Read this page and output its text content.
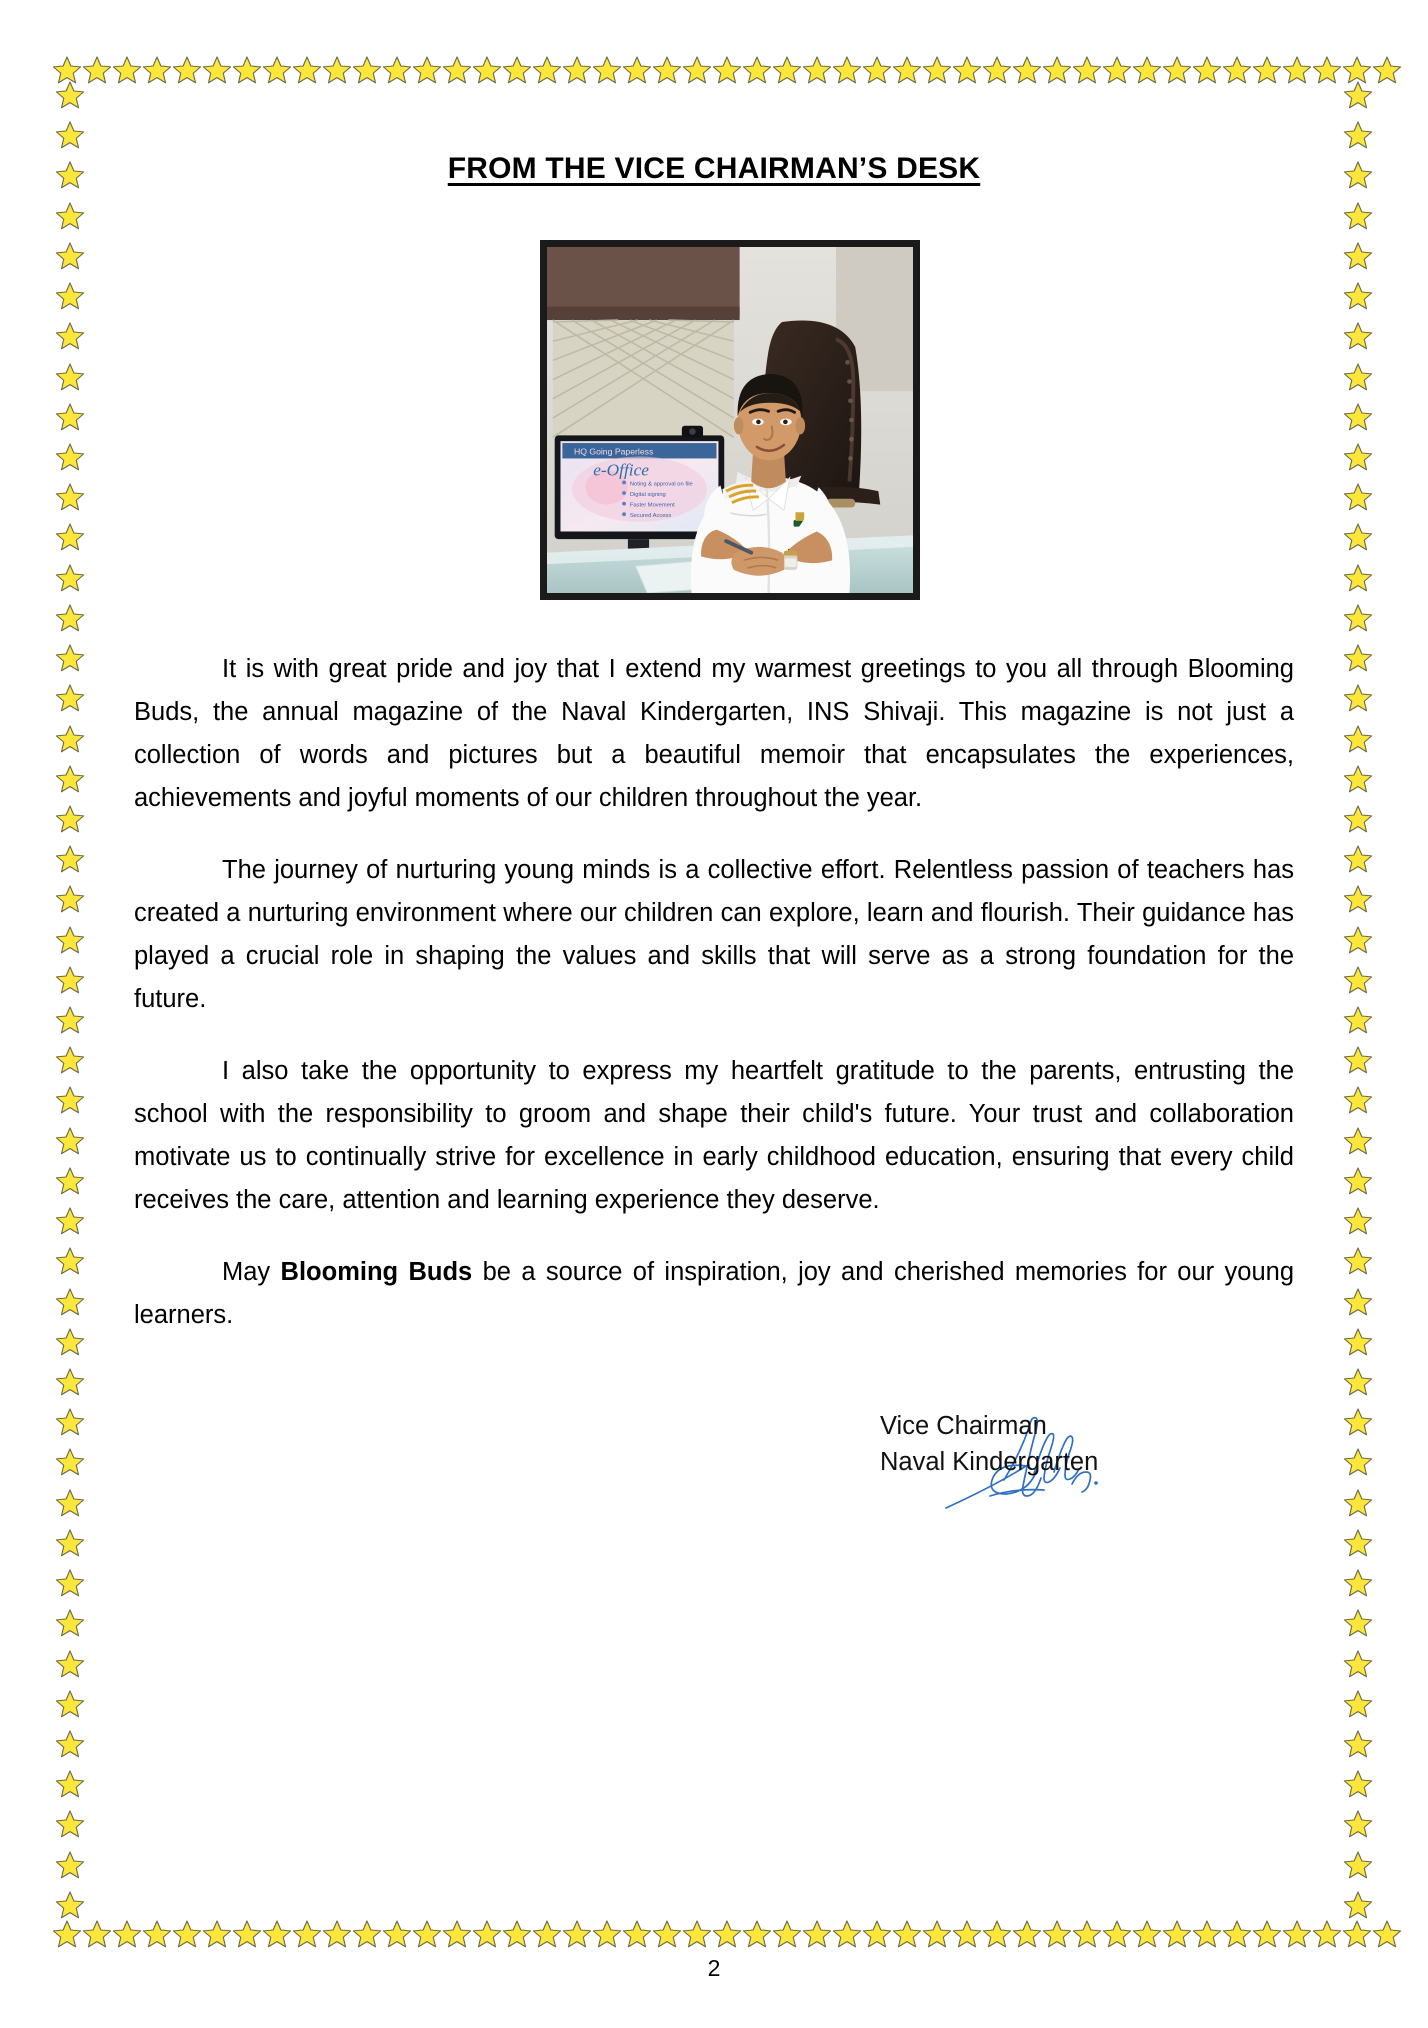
FROM THE VICE CHAIRMAN’S DESK
HQ Going Paperless
e-Office
Noting & approval on file
Digital signing
Faster Movement
Secured Access

It is with great pride and joy that I extend my warmest greetings to you all through Blooming Buds, the annual magazine of the Naval Kindergarten, INS Shivaji. This magazine is not just a collection of words and pictures but a beautiful memoir that encapsulates the experiences, achievements and joyful moments of our children throughout the year.

The journey of nurturing young minds is a collective effort. Relentless passion of teachers has created a nurturing environment where our children can explore, learn and flourish. Their guidance has played a crucial role in shaping the values and skills that will serve as a strong foundation for the future.

I also take the opportunity to express my heartfelt gratitude to the parents, entrusting the school with the responsibility to groom and shape their child's future. Your trust and collaboration motivate us to continually strive for excellence in early childhood education, ensuring that every child receives the care, attention and learning experience they deserve.

May Blooming Buds be a source of inspiration, joy and cherished memories for our young learners.

Vice Chairman
Naval Kindergarten
2
